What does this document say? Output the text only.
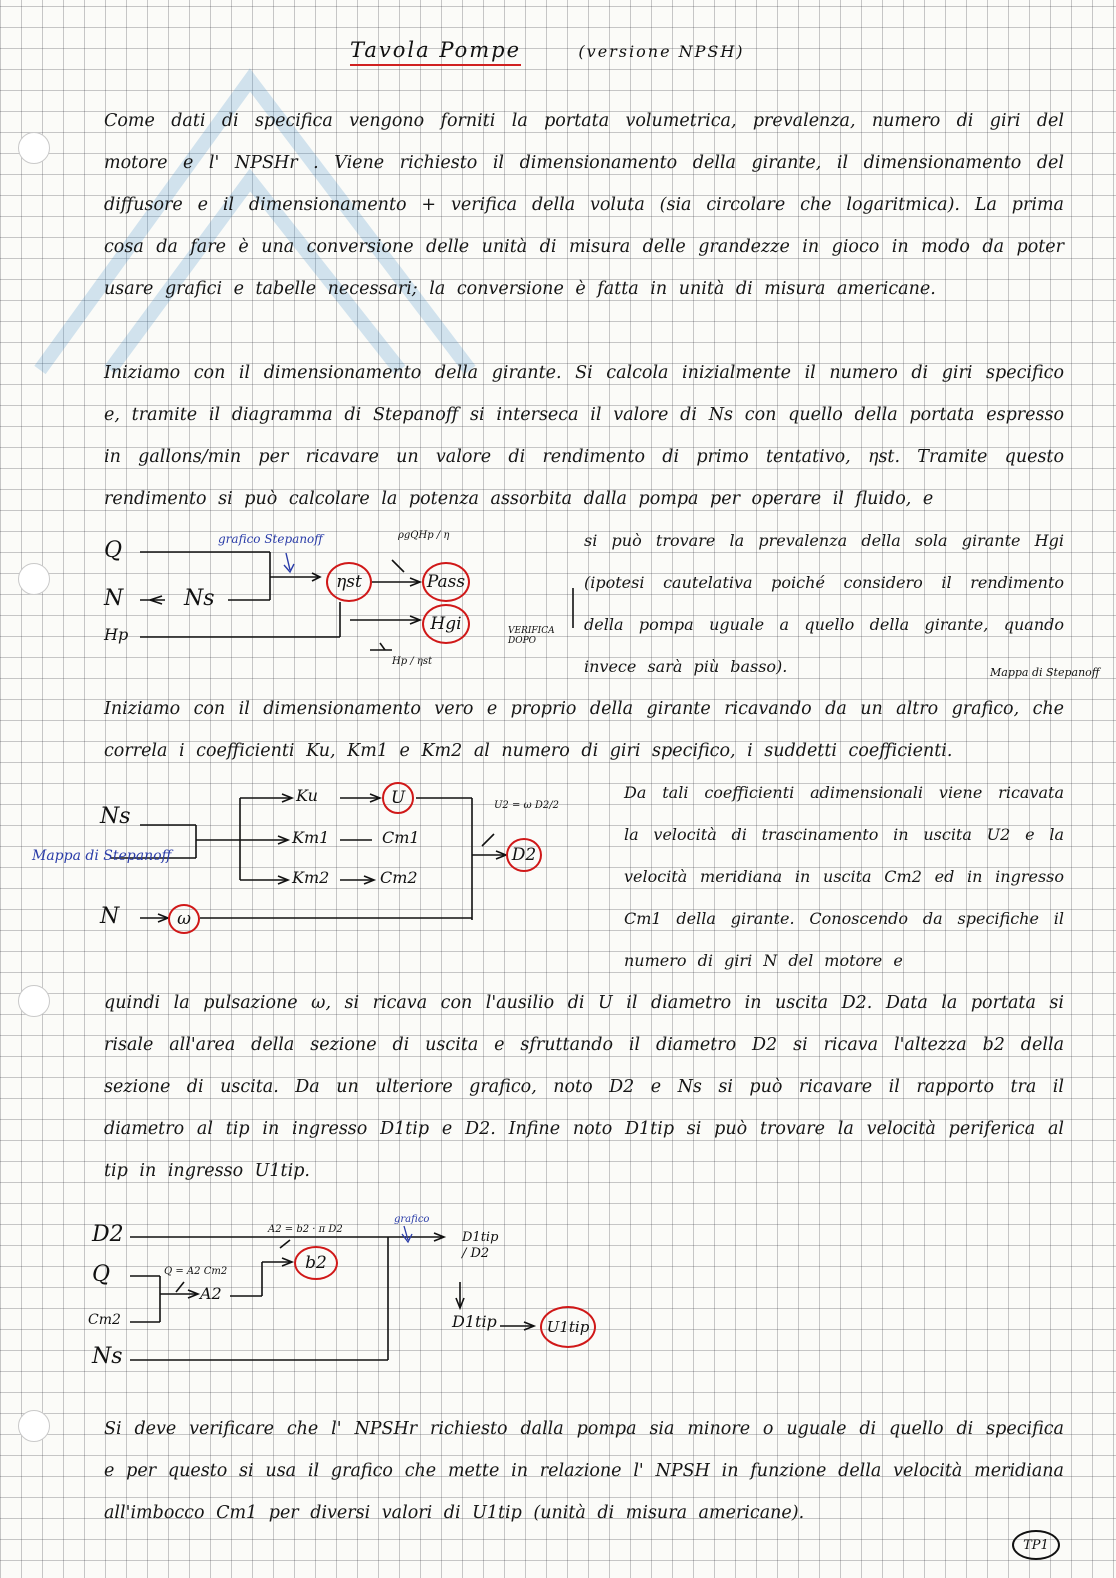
Tavola Pompe	(versione NPSH)

Come dati di specifica vengono forniti la portata volumetrica, prevalenza, numero di giri del motore e l' NPSHr . Viene richiesto il dimensionamento della girante, il dimensionamento del diffusore e il dimensionamento + verifica della voluta (sia circolare che logaritmica). La prima cosa da fare è una conversione delle unità di misura delle grandezze in gioco in modo da poter usare grafici e tabelle necessari; la conversione è fatta in unità di misura americane.

Iniziamo con il dimensionamento della girante. Si calcola inizialmente il numero di giri specifico e, tramite il diagramma di Stepanoff si interseca il valore di Ns con quello della portata espresso in gallons/min per ricavare un valore di rendimento di primo tentativo, ηst. Tramite questo rendimento si può calcolare la potenza assorbita dalla pompa per operare il fluido, e

si può trovare la prevalenza della sola girante Hgi (ipotesi cautelativa poiché considero il rendimento della pompa uguale a quello della girante, quando invece sarà più basso).

Iniziamo con il dimensionamento vero e proprio della girante ricavando da un altro grafico, che correla i coefficienti Ku, Km1 e Km2 al numero di giri specifico, i suddetti coefficienti.

Da tali coefficienti adimensionali viene ricavata la velocità di trascinamento in uscita U2 e la velocità meridiana in uscita Cm2 ed in ingresso Cm1 della girante. Conoscendo da specifiche il numero di giri N del motore e

quindi la pulsazione ω, si ricava con l'ausilio di U il diametro in uscita D2. Data la portata si risale all'area della sezione di uscita e sfruttando il diametro D2 si ricava l'altezza b2 della sezione di uscita. Da un ulteriore grafico, noto D2 e Ns si può ricavare il rapporto tra il diametro al tip in ingresso D1tip e D2. Infine noto D1tip si può trovare la velocità periferica al tip in ingresso U1tip.

Si deve verificare che l' NPSHr richiesto dalla pompa sia minore o uguale di quello di specifica e per questo si usa il grafico che mette in relazione l' NPSH in funzione della velocità meridiana all'imbocco Cm1 per diversi valori di U1tip (unità di misura americane).

Q
N	Ns
Hp
grafico Stepanoff
ηst	Pass
Hgi
ρgQHp / η
Hp / ηst
VERIFICA DOPO
Ns
Mappa di Stepanoff
Mappa di Stepanoff
N	ω
Ku
Km1
Km2
U
Cm1
Cm2
D2
U2 = ω D2/2
D2
Q
Cm2
Ns
Q = A2 Cm2
A2
A2 = b2 · π D2
grafico
b2
D1tip / D2
D1tip	U1tip
TP1
